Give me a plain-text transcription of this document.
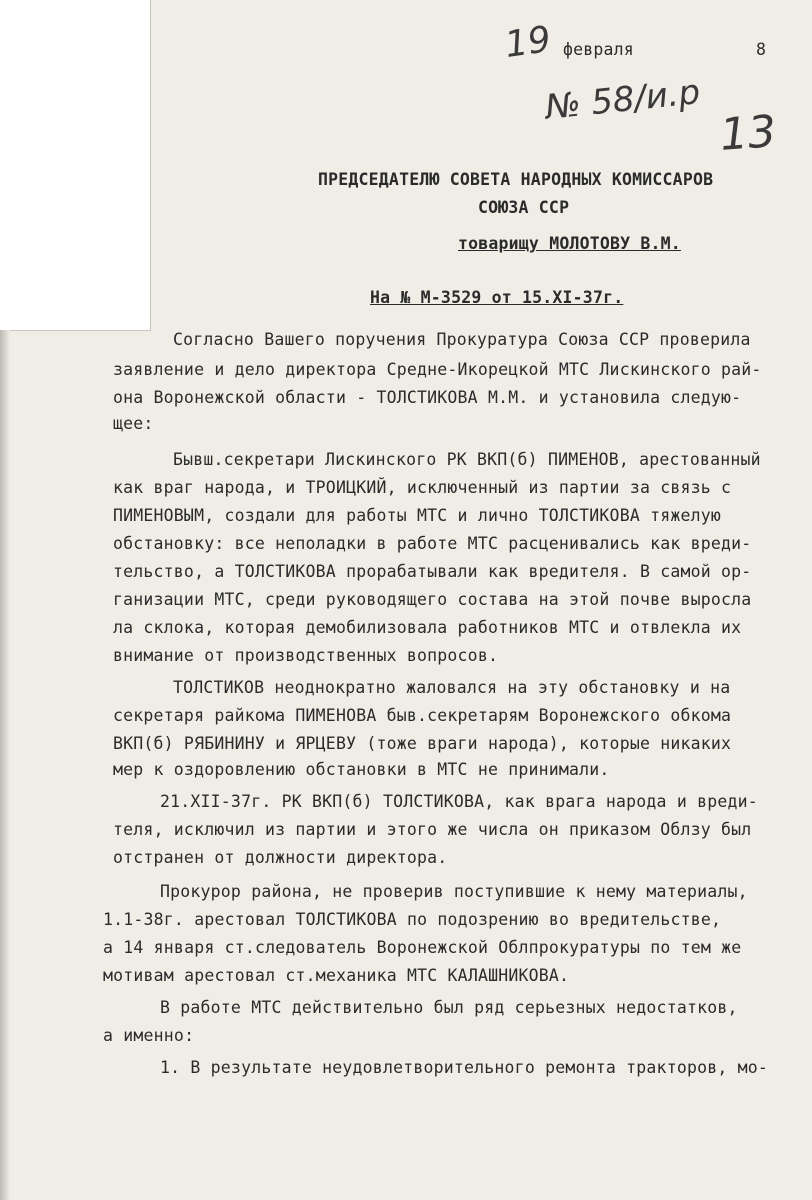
19 февраля	8
№ 58/и.р
13
ПРЕДСЕДАТЕЛЮ СОВЕТА НАРОДНЫХ КОМИССАРОВ
СОЮЗА ССР
товарищу МОЛОТОВУ В.М.
На № М-3529 от 15.XI-37г.
Согласно Вашего поручения Прокуратура Союза ССР проверила
заявление и дело директора Средне-Икорецкой МТС Лискинского рай-
она Воронежской области - ТОЛСТИКОВА М.М. и установила следую-
щее:
Бывш.секретари Лискинского РК ВКП(б) ПИМЕНОВ, арестованный
как враг народа, и ТРОИЦКИЙ, исключенный из партии за связь с
ПИМЕНОВЫМ, создали для работы МТС и лично ТОЛСТИКОВА тяжелую
обстановку: все неполадки в работе МТС расценивались как вреди-
тельство, а ТОЛСТИКОВА прорабатывали как вредителя. В самой ор-
ганизации МТС, среди руководящего состава на этой почве выросла
ла склока, которая демобилизовала работников МТС и отвлекла их
внимание от производственных вопросов.
ТОЛСТИКОВ неоднократно жаловался на эту обстановку и на
секретаря райкома ПИМЕНОВА быв.секретарям Воронежского обкома
ВКП(б) РЯБИНИНУ и ЯРЦЕВУ (тоже враги народа), которые никаких
мер к оздоровлению обстановки в МТС не принимали.
21.ХII-37г. РК ВКП(б) ТОЛСТИКОВА, как врага народа и вреди-
теля, исключил из партии и этого же числа он приказом Облзу был
отстранен от должности директора.
Прокурор района, не проверив поступившие к нему материалы,
1.1-38г. арестовал ТОЛСТИКОВА по подозрению во вредительстве,
а 14 января ст.следователь Воронежской Облпрокуратуры по тем же
мотивам арестовал ст.механика МТС КАЛАШНИКОВА.
В работе МТС действительно был ряд серьезных недостатков,
а именно:
1. В результате неудовлетворительного ремонта тракторов, мо-
